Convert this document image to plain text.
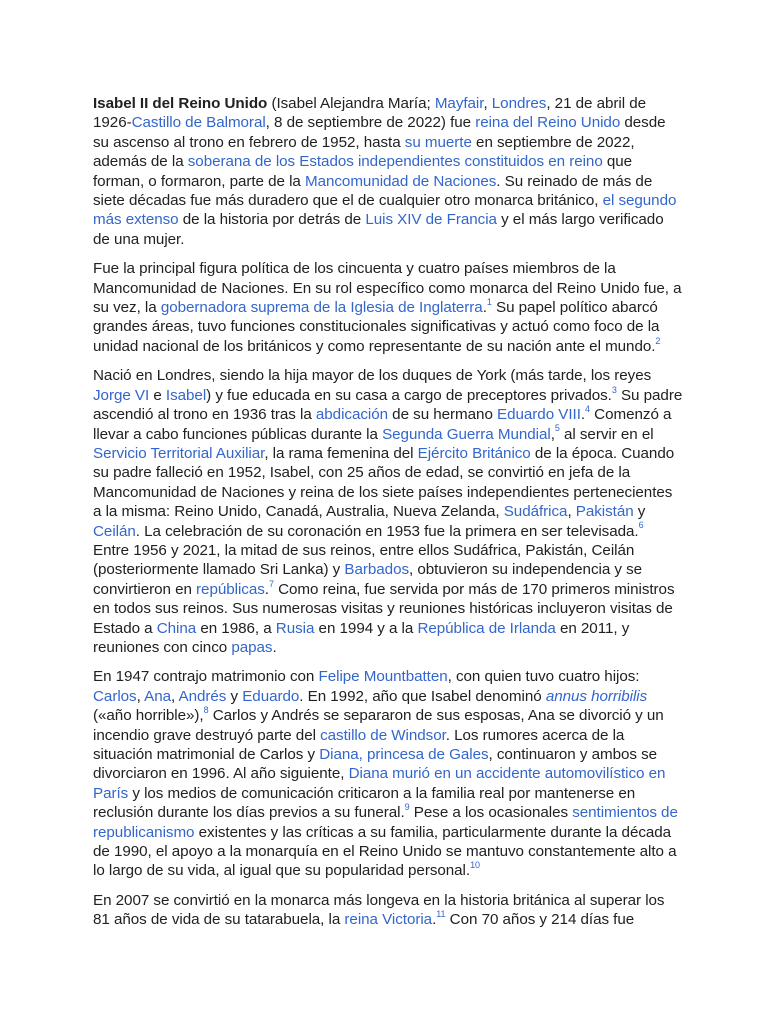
Isabel II del Reino Unido (Isabel Alejandra María; Mayfair, Londres, 21 de abril de 1926-Castillo de Balmoral, 8 de septiembre de 2022) fue reina del Reino Unido desde su ascenso al trono en febrero de 1952, hasta su muerte en septiembre de 2022, además de la soberana de los Estados independientes constituidos en reino que forman, o formaron, parte de la Mancomunidad de Naciones. Su reinado de más de siete décadas fue más duradero que el de cualquier otro monarca británico, el segundo más extenso de la historia por detrás de Luis XIV de Francia y el más largo verificado de una mujer.

Fue la principal figura política de los cincuenta y cuatro países miembros de la Mancomunidad de Naciones. En su rol específico como monarca del Reino Unido fue, a su vez, la gobernadora suprema de la Iglesia de Inglaterra.$^1$ Su papel político abarcó grandes áreas, tuvo funciones constitucionales significativas y actuó como foco de la unidad nacional de los británicos y como representante de su nación ante el mundo.$^2$

Nació en Londres, siendo la hija mayor de los duques de York (más tarde, los reyes Jorge VI e Isabel) y fue educada en su casa a cargo de preceptores privados.$^3$ Su padre ascendió al trono en 1936 tras la abdicación de su hermano Eduardo VIII.$^4$ Comenzó a llevar a cabo funciones públicas durante la Segunda Guerra Mundial,$^5$ al servir en el Servicio Territorial Auxiliar, la rama femenina del Ejército Británico de la época. Cuando su padre falleció en 1952, Isabel, con 25 años de edad, se convirtió en jefa de la Mancomunidad de Naciones y reina de los siete países independientes pertenecientes a la misma: Reino Unido, Canadá, Australia, Nueva Zelanda, Sudáfrica, Pakistán y Ceilán. La celebración de su coronación en 1953 fue la primera en ser televisada.$^6$ Entre 1956 y 2021, la mitad de sus reinos, entre ellos Sudáfrica, Pakistán, Ceilán (posteriormente llamado Sri Lanka) y Barbados, obtuvieron su independencia y se convirtieron en repúblicas.$^7$ Como reina, fue servida por más de 170 primeros ministros en todos sus reinos. Sus numerosas visitas y reuniones históricas incluyeron visitas de Estado a China en 1986, a Rusia en 1994 y a la República de Irlanda en 2011, y reuniones con cinco papas.

En 1947 contrajo matrimonio con Felipe Mountbatten, con quien tuvo cuatro hijos: Carlos, Ana, Andrés y Eduardo. En 1992, año que Isabel denominó annus horribilis («año horrible»),$^8$ Carlos y Andrés se separaron de sus esposas, Ana se divorció y un incendio grave destruyó parte del castillo de Windsor. Los rumores acerca de la situación matrimonial de Carlos y Diana, princesa de Gales, continuaron y ambos se divorciaron en 1996. Al año siguiente, Diana murió en un accidente automovilístico en París y los medios de comunicación criticaron a la familia real por mantenerse en reclusión durante los días previos a su funeral.$^9$ Pese a los ocasionales sentimientos de republicanismo existentes y las críticas a su familia, particularmente durante la década de 1990, el apoyo a la monarquía en el Reino Unido se mantuvo constantemente alto a lo largo de su vida, al igual que su popularidad personal.$^{10}$

En 2007 se convirtió en la monarca más longeva en la historia británica al superar los 81 años de vida de su tatarabuela, la reina Victoria.$^{11}$ Con 70 años y 214 días fue
